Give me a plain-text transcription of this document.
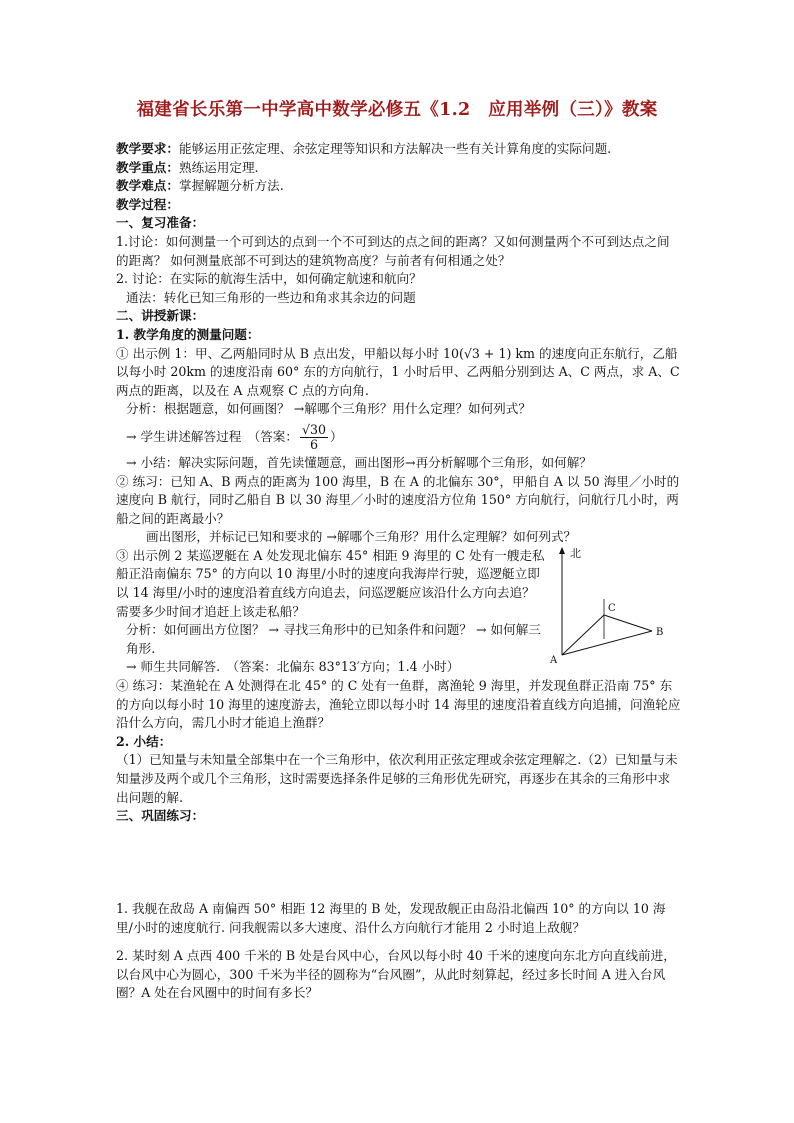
福建省长乐第一中学高中数学必修五《1.2　应用举例（三）》教案

教学要求：能够运用正弦定理、余弦定理等知识和方法解决一些有关计算角度的实际问题.

教学重点：熟练运用定理.

教学难点：掌握解题分析方法.

教学过程：

一、复习准备：

1.讨论：如何测量一个可到达的点到一个不可到达的点之间的距离？又如何测量两个不可到达点之间的距离？ 如何测量底部不可到达的建筑物高度？与前者有何相通之处？

2. 讨论：在实际的航海生活中，如何确定航速和航向？

通法：转化已知三角形的一些边和角求其余边的问题

二、讲授新课：

1. 教学角度的测量问题：

① 出示例 1：甲、乙两船同时从 B 点出发，甲船以每小时 10(√3 + 1) km 的速度向正东航行，乙船以每小时 20km 的速度沿南 60° 东的方向航行，1 小时后甲、乙两船分别到达 A、C 两点，求 A、C 两点的距离，以及在 A 点观察 C 点的方向角.

分析：根据题意，如何画图？ →解哪个三角形？用什么定理？如何列式？

→ 学生讲述解答过程　（答案： $\frac{√30}{6}$ ）

→ 小结：解决实际问题，首先读懂题意，画出图形→再分析解哪个三角形，如何解？

② 练习：已知 A、B 两点的距离为 100 海里，B 在 A 的北偏东 30°，甲船自 A 以 50 海里／小时的速度向 B 航行，同时乙船自 B 以 30 海里／小时的速度沿方位角 150° 方向航行，问航行几小时，两船之间的距离最小？

画出图形，并标记已知和要求的 →解哪个三角形？用什么定理解？如何列式？

③ 出示例 2 某巡逻艇在 A 处发现北偏东 45° 相距 9 海里的 C 处有一艘走私船正沿南偏东 75° 的方向以 10 海里/小时的速度向我海岸行驶，巡逻艇立即以 14 海里/小时的速度沿着直线方向追去，问巡逻艇应该沿什么方向去追？需要多少时间才追赶上该走私船？

分析：如何画出方位图？ → 寻找三角形中的已知条件和问题？ → 如何解三角形.

→ 师生共同解答.　（答案：北偏东 83°13′方向；1.4 小时）

北
A
B
C

④ 练习：某渔轮在 A 处测得在北 45° 的 C 处有一鱼群，离渔轮 9 海里，并发现鱼群正沿南 75° 东的方向以每小时 10 海里的速度游去，渔轮立即以每小时 14 海里的速度沿着直线方向追捕，问渔轮应沿什么方向，需几小时才能追上渔群？

2. 小结：

（1）已知量与未知量全部集中在一个三角形中，依次利用正弦定理或余弦定理解之.（2）已知量与未知量涉及两个或几个三角形，这时需要选择条件足够的三角形优先研究，再逐步在其余的三角形中求出问题的解.

三、巩固练习：

1. 我舰在敌岛 A 南偏西 50° 相距 12 海里的 B 处，发现敌舰正由岛沿北偏西 10° 的方向以 10 海里/小时的速度航行. 问我舰需以多大速度、沿什么方向航行才能用 2 小时追上敌舰？

2. 某时刻 A 点西 400 千米的 B 处是台风中心，台风以每小时 40 千米的速度向东北方向直线前进，以台风中心为圆心，300 千米为半径的圆称为“台风圈”，从此时刻算起，经过多长时间 A 进入台风圈？A 处在台风圈中的时间有多长？
